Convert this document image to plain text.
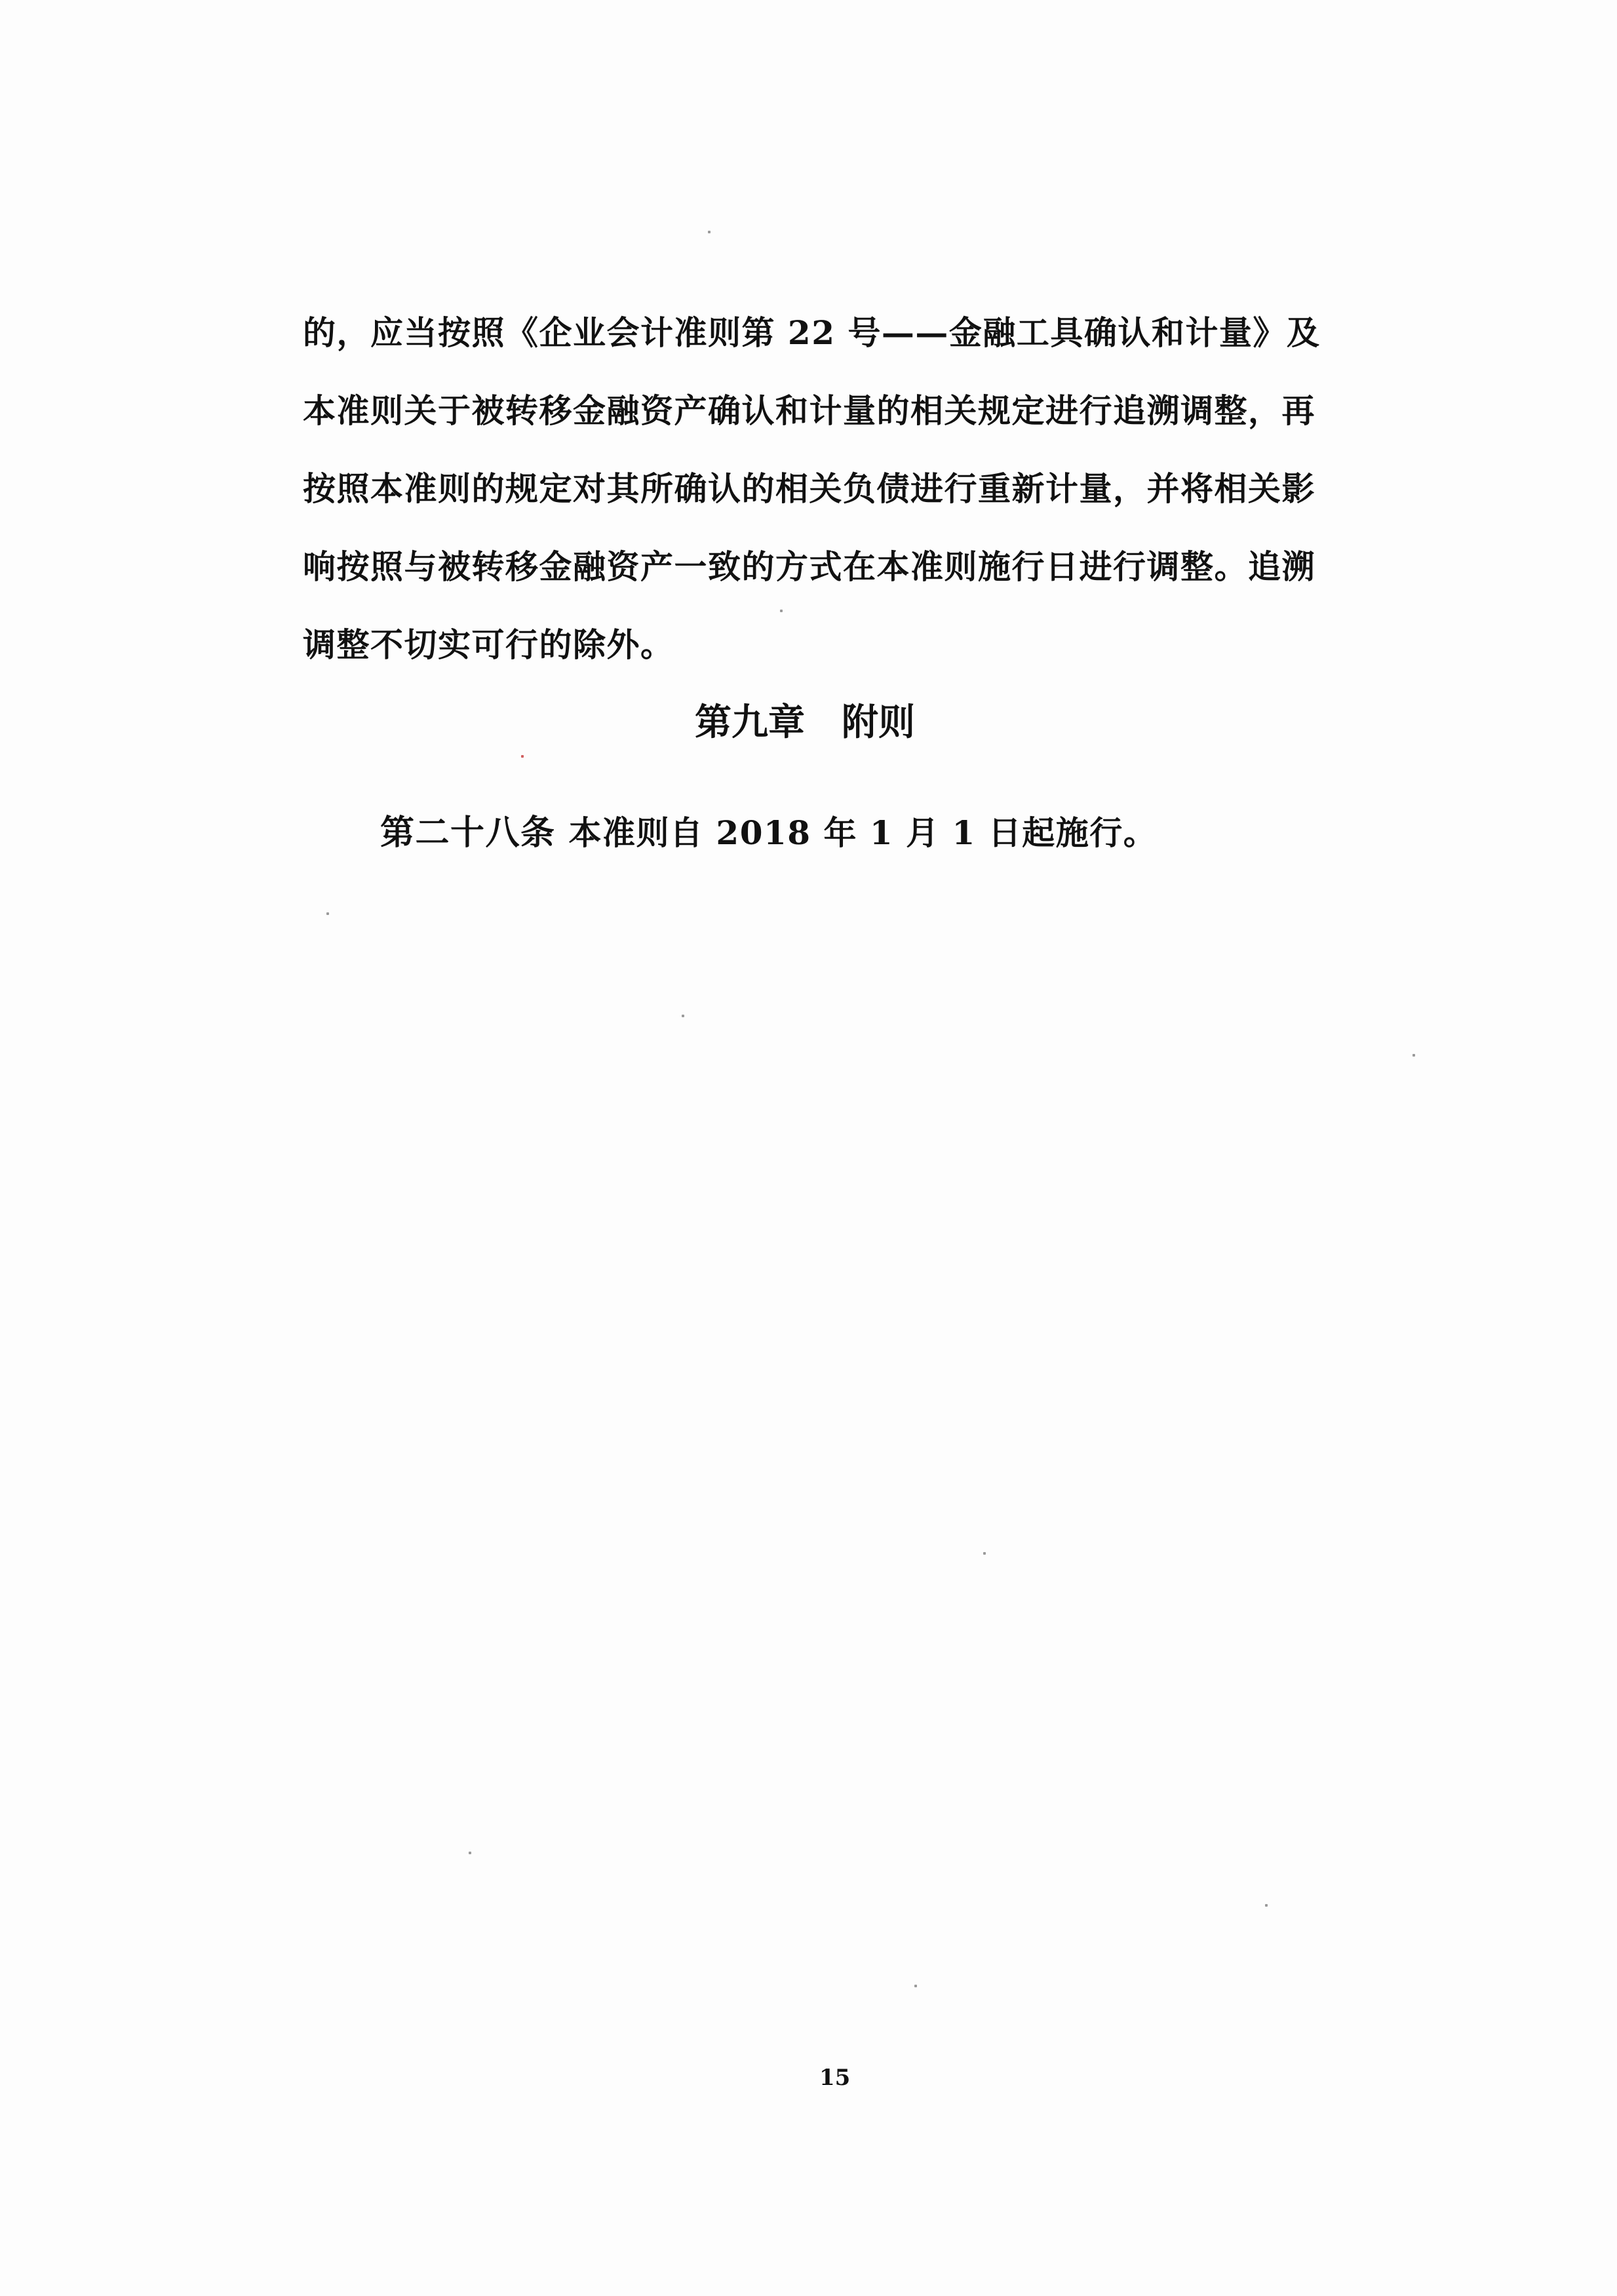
的，应当按照《企业会计准则第 22 号——金融工具确认和计量》及
本准则关于被转移金融资产确认和计量的相关规定进行追溯调整，再
按照本准则的规定对其所确认的相关负债进行重新计量，并将相关影
响按照与被转移金融资产一致的方式在本准则施行日进行调整。追溯
调整不切实可行的除外。

第九章　附则

第二十八条 本准则自 2018 年 1 月 1 日起施行。

15
